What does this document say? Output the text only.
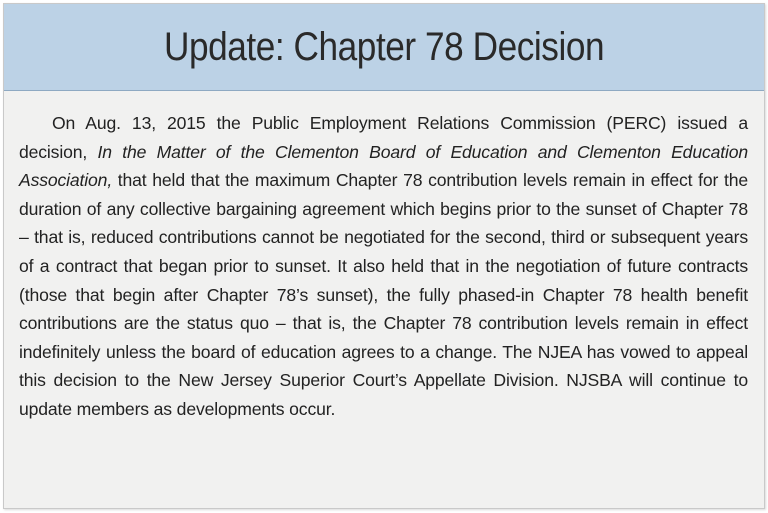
Update: Chapter 78 Decision

On Aug. 13, 2015 the Public Employment Relations Commission (PERC) issued a decision, In the Matter of the Clementon Board of Education and Clementon Education Association, that held that the maximum Chapter 78 contribution levels remain in effect for the duration of any collective bargaining agreement which begins prior to the sunset of Chapter 78 – that is, reduced contributions cannot be negotiated for the second, third or subsequent years of a contract that began prior to sunset. It also held that in the negotiation of future contracts (those that begin after Chapter 78’s sunset), the fully phased-in Chapter 78 health benefit contributions are the status quo – that is, the Chapter 78 contribution levels remain in effect indefinitely unless the board of education agrees to a change. The NJEA has vowed to appeal this decision to the New Jersey Superior Court’s Appellate Division. NJSBA will continue to update members as developments occur.
